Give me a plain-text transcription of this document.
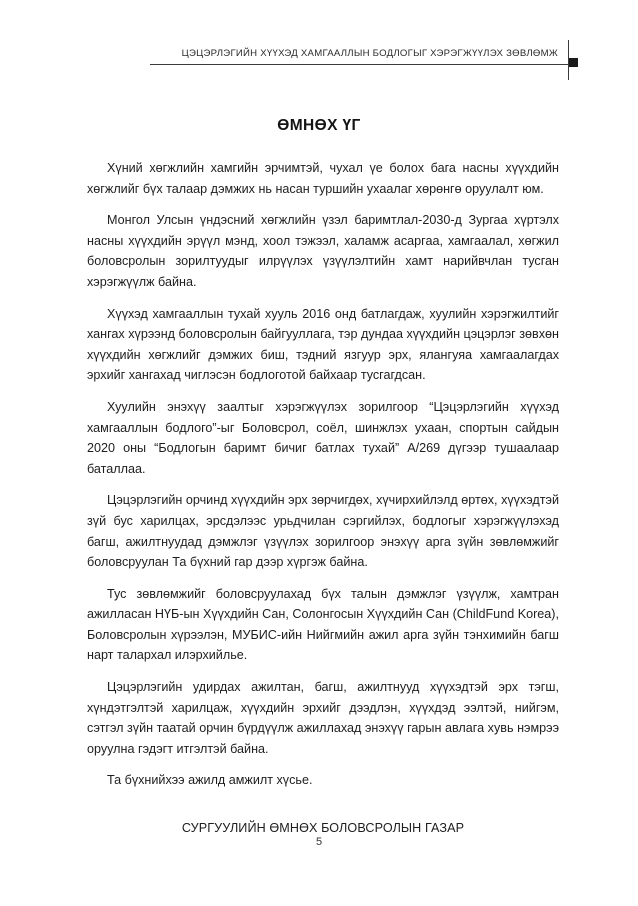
ЦЭЦЭРЛЭГИЙН ХҮҮХЭД ХАМГААЛЛЫН БОДЛОГЫГ ХЭРЭГЖҮҮЛЭХ ЗӨВЛӨМЖ
ӨМНӨХ ҮГ

Хүний хөгжлийн хамгийн эрчимтэй, чухал үе болох бага насны хүүхдийн хөгжлийг бүх талаар дэмжих нь насан туршийн ухаалаг хөрөнгө оруулалт юм.

Монгол Улсын үндэсний хөгжлийн үзэл баримтлал-2030-д Зургаа хүртэлх насны хүүхдийн эрүүл мэнд, хоол тэжээл, халамж асаргаа, хамгаалал, хөгжил боловсролын зорилтуудыг илрүүлэх үзүүлэлтийн хамт нарийвчлан тусган хэрэгжүүлж байна.

Хүүхэд хамгааллын тухай хууль 2016 онд батлагдаж, хуулийн хэрэгжилтийг хангах хүрээнд боловсролын байгууллага, тэр дундаа хүүхдийн цэцэрлэг зөвхөн хүүхдийн хөгжлийг дэмжих биш, тэдний язгуур эрх, ялангуяа хамгаалагдах эрхийг хангахад чиглэсэн бодлоготой байхаар тусгагдсан.

Хуулийн энэхүү заалтыг хэрэгжүүлэх зорилгоор “Цэцэрлэгийн хүүхэд хамгааллын бодлого”-ыг Боловсрол, соёл, шинжлэх ухаан, спортын сайдын 2020 оны “Бодлогын баримт бичиг батлах тухай” А/269 дүгээр тушаалаар баталлаа.

Цэцэрлэгийн орчинд хүүхдийн эрх зөрчигдөх, хүчирхийлэлд өртөх, хүүхэдтэй зүй бус харилцах, эрсдэлээс урьдчилан сэргийлэх, бодлогыг хэрэгжүүлэхэд багш, ажилтнуудад дэмжлэг үзүүлэх зорилгоор энэхүү арга зүйн зөвлөмжийг боловсруулан Та бүхний гар дээр хүргэж байна.

Тус зөвлөмжийг боловсруулахад бүх талын дэмжлэг үзүүлж, хамтран ажилласан НҮБ-ын Хүүхдийн Сан, Солонгосын Хүүхдийн Сан (ChildFund Korea), Боловсролын хүрээлэн, МУБИС-ийн Нийгмийн ажил арга зүйн тэнхимийн багш нарт талархал илэрхийлье.

Цэцэрлэгийн удирдах ажилтан, багш, ажилтнууд хүүхэдтэй эрх тэгш, хүндэтгэлтэй харилцаж, хүүхдийн эрхийг дээдлэн, хүүхдэд ээлтэй, нийгэм, сэтгэл зүйн таатай орчин бүрдүүлж ажиллахад энэхүү гарын авлага хувь нэмрээ оруулна гэдэгт итгэлтэй байна.

Та бүхнийхээ ажилд амжилт хүсье.

СУРГУУЛИЙН ӨМНӨХ БОЛОВСРОЛЫН ГАЗАР

5
